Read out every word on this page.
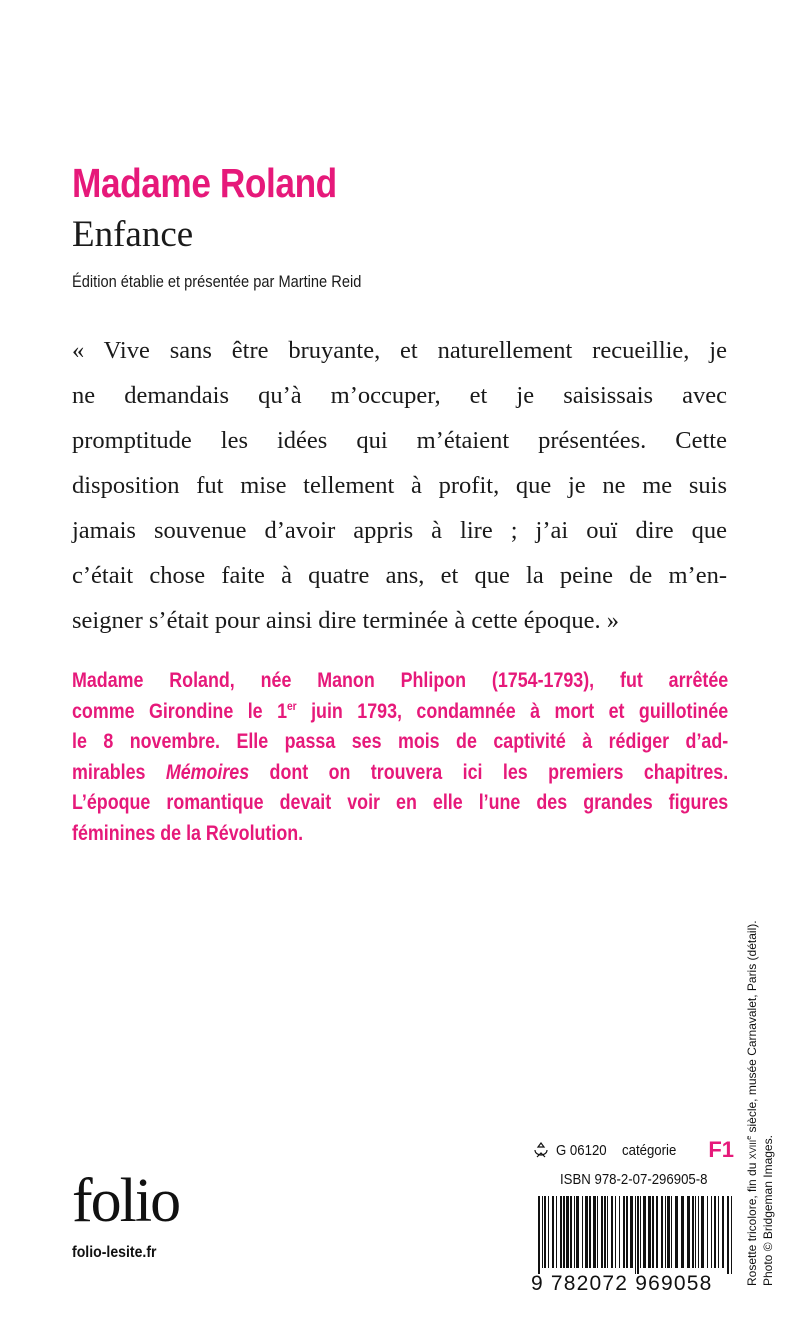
Madame Roland
Enfance
Édition établie et présentée par Martine Reid
« Vive sans être bruyante, et naturellement recueillie, je
ne demandais qu’à m’occuper, et je saisissais avec
promptitude les idées qui m’étaient présentées. Cette
disposition fut mise tellement à profit, que je ne me suis
jamais souvenue d’avoir appris à lire ; j’ai ouï dire que
c’était chose faite à quatre ans, et que la peine de m’en-
seigner s’était pour ainsi dire terminée à cette époque. »
Madame Roland, née Manon Phlipon (1754-1793), fut arrêtée
comme Girondine le 1er juin 1793, condamnée à mort et guillotinée
le 8 novembre. Elle passa ses mois de captivité à rédiger d’ad-
mirables Mémoires dont on trouvera ici les premiers chapitres.
L’époque romantique devait voir en elle l’une des grandes figures
féminines de la Révolution.
folio
folio-lesite.fr
G 06120 catégorie F1
ISBN 978-2-07-296905-8
9 782072 969058	Rosette tricolore, fin du XVIIIe siècle, musée Carnavalet, Paris (détail).
Photo © Bridgeman Images.
